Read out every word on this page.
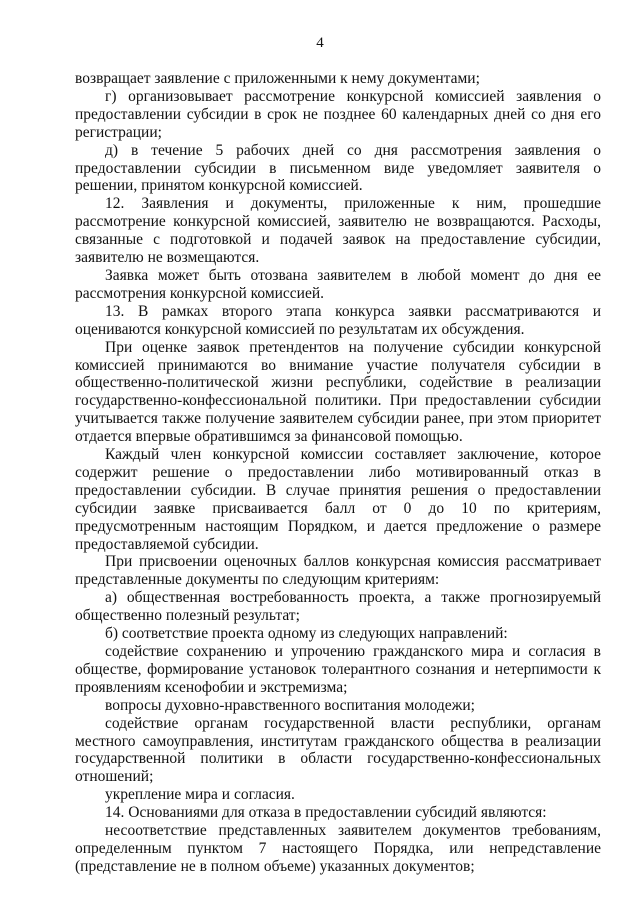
4

возвращает заявление с приложенными к нему документами;

г) организовывает рассмотрение конкурсной комиссией заявления о предоставлении субсидии в срок не позднее 60 календарных дней со дня его регистрации;

д) в течение 5 рабочих дней со дня рассмотрения заявления о предоставлении субсидии в письменном виде уведомляет заявителя о решении, принятом конкурсной комиссией.

12. Заявления и документы, приложенные к ним, прошедшие рассмотрение конкурсной комиссией, заявителю не возвращаются. Расходы, связанные с подготовкой и подачей заявок на предоставление субсидии, заявителю не возмещаются.

Заявка может быть отозвана заявителем в любой момент до дня ее рассмотрения конкурсной комиссией.

13. В рамках второго этапа конкурса заявки рассматриваются и оцениваются конкурсной комиссией по результатам их обсуждения.

При оценке заявок претендентов на получение субсидии конкурсной комиссией принимаются во внимание участие получателя субсидии в общественно-политической жизни республики, содействие в реализации государственно-конфессиональной политики. При предоставлении субсидии учитывается также получение заявителем субсидии ранее, при этом приоритет отдается впервые обратившимся за финансовой помощью.

Каждый член конкурсной комиссии составляет заключение, которое содержит решение о предоставлении либо мотивированный отказ в предоставлении субсидии. В случае принятия решения о предоставлении субсидии заявке присваивается балл от 0 до 10 по критериям, предусмотренным настоящим Порядком, и дается предложение о размере предоставляемой субсидии.

При присвоении оценочных баллов конкурсная комиссия рассматривает представленные документы по следующим критериям:

а) общественная востребованность проекта, а также прогнозируемый общественно полезный результат;

б) соответствие проекта одному из следующих направлений:

содействие сохранению и упрочению гражданского мира и согласия в обществе, формирование установок толерантного сознания и нетерпимости к проявлениям ксенофобии и экстремизма;

вопросы духовно-нравственного воспитания молодежи;

содействие органам государственной власти республики, органам местного самоуправления, институтам гражданского общества в реализации государственной политики в области государственно-конфессиональных отношений;

укрепление мира и согласия.

14. Основаниями для отказа в предоставлении субсидий являются:

несоответствие представленных заявителем документов требованиям, определенным пунктом 7 настоящего Порядка, или непредставление (представление не в полном объеме) указанных документов;
